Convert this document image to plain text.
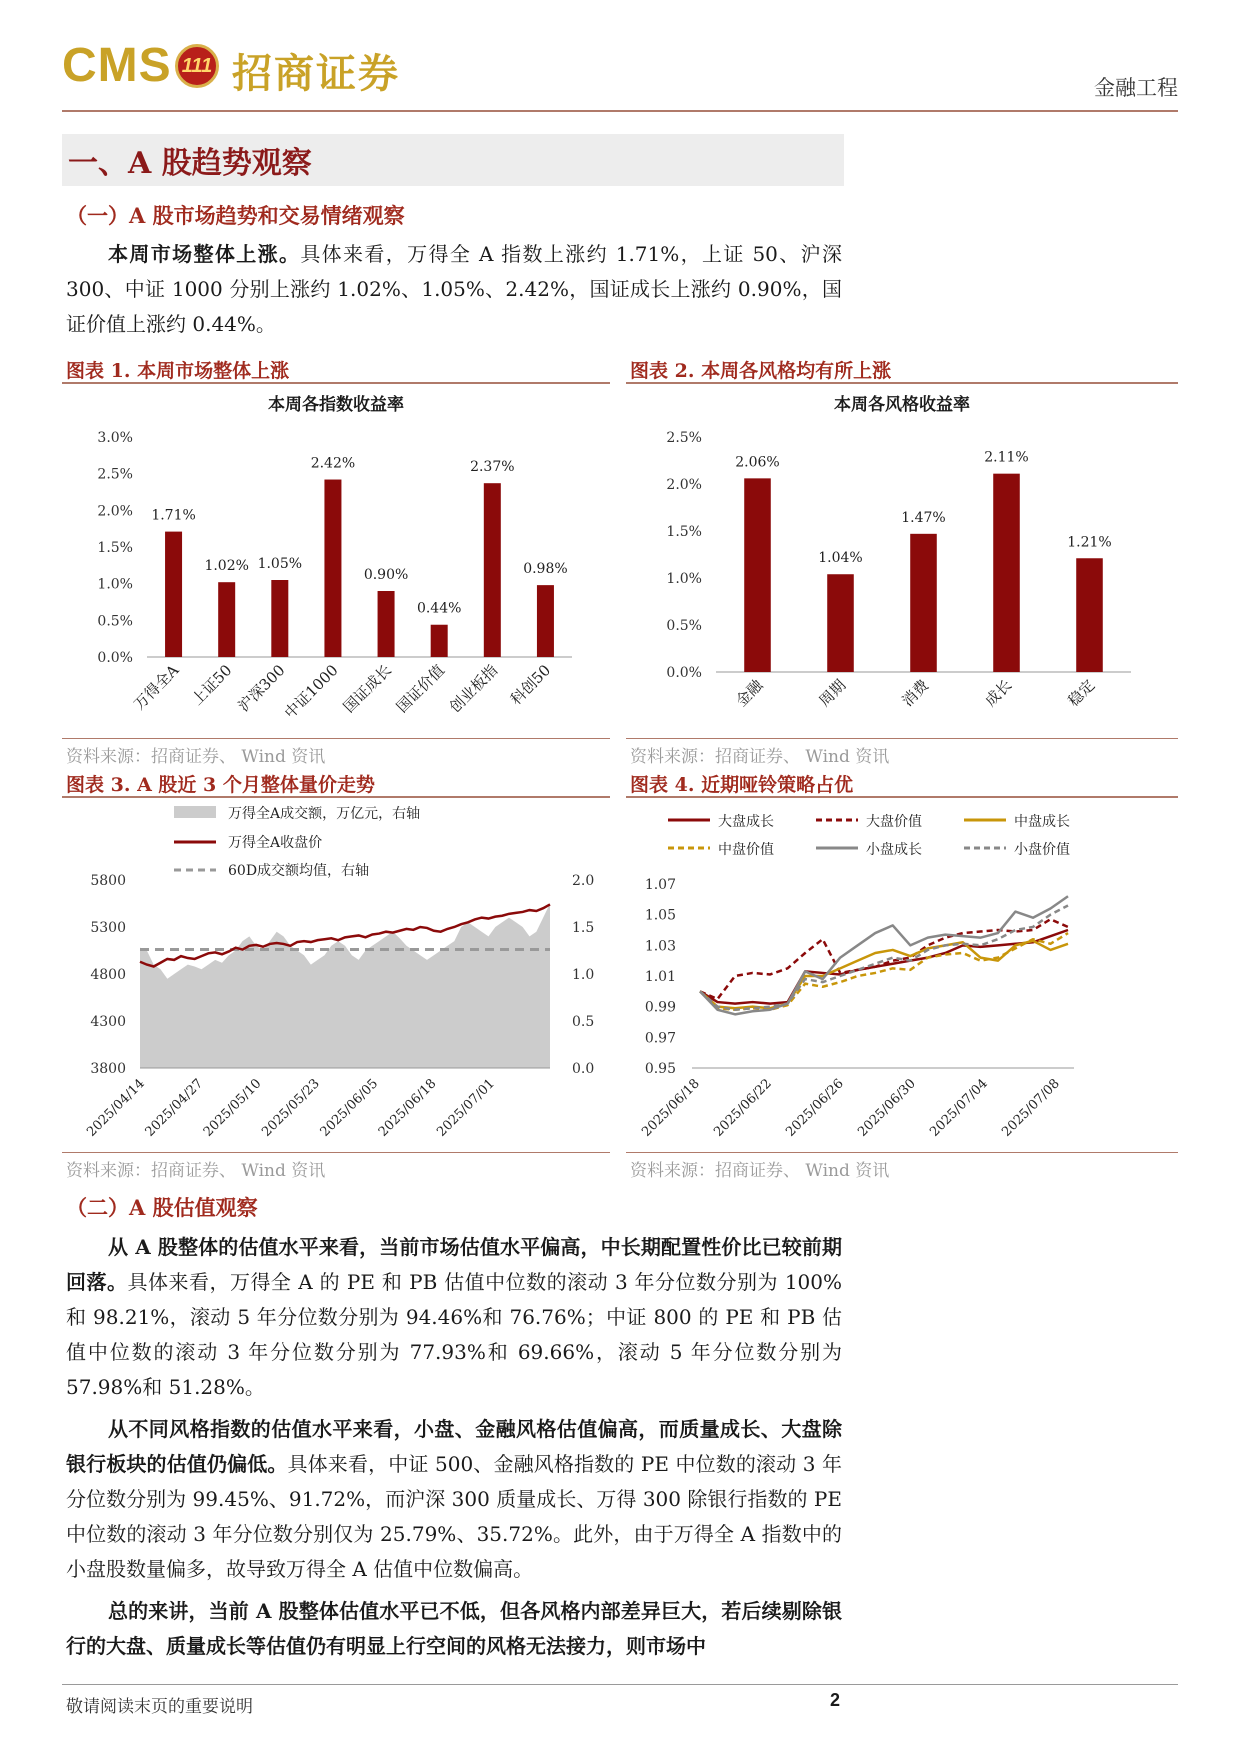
CMS 111 招商证券	金融工程
一、A 股趋势观察
（一）A 股市场趋势和交易情绪观察
本周市场整体上涨。具体来看，万得全 A 指数上涨约 1.71%，上证 50、沪深 300、中证 1000 分别上涨约 1.02%、1.05%、2.42%，国证成长上涨约 0.90%，国证价值上涨约 0.44%。
图表 1. 本周市场整体上涨
本周各指数收益率
0.0%
0.5%
1.0%
1.5%
2.0%
2.5%
3.0%
1.71%
万得全A
1.02%
上证50
1.05%
沪深300
2.42%
中证1000
0.90%
国证成长
0.44%
国证价值
2.37%
创业板指
0.98%
科创50
资料来源：招商证券、 Wind 资讯
图表 2. 本周各风格均有所上涨
本周各风格收益率
0.0%
0.5%
1.0%
1.5%
2.0%
2.5%
2.06%
金融
1.04%
周期
1.47%
消费
2.11%
成长
1.21%
稳定
资料来源：招商证券、 Wind 资讯
图表 3. A 股近 3 个月整体量价走势
万得全A成交额，万亿元，右轴
万得全A收盘价
60D成交额均值，右轴
3800
4300
4800
5300
5800
0.0
0.5
1.0
1.5
2.0
2025/04/14
2025/04/27
2025/05/10
2025/05/23
2025/06/05
2025/06/18
2025/07/01
资料来源：招商证券、 Wind 资讯
图表 4. 近期哑铃策略占优
大盘成长	大盘价值	中盘成长
中盘价值	小盘成长	小盘价值
0.95
0.97
0.99
1.01
1.03
1.05
1.07
2025/06/18 2025/06/22 2025/06/26 2025/06/30 2025/07/04 2025/07/08
资料来源：招商证券、 Wind 资讯
（二）A 股估值观察
从 A 股整体的估值水平来看，当前市场估值水平偏高，中长期配置性价比已较前期回落。具体来看，万得全 A 的 PE 和 PB 估值中位数的滚动 3 年分位数分别为 100%和 98.21%，滚动 5 年分位数分别为 94.46%和 76.76%；中证 800 的 PE 和 PB 估值中位数的滚动 3 年分位数分别为 77.93%和 69.66%，滚动 5 年分位数分别为 57.98%和 51.28%。
从不同风格指数的估值水平来看，小盘、金融风格估值偏高，而质量成长、大盘除银行板块的估值仍偏低。具体来看，中证 500、金融风格指数的 PE 中位数的滚动 3 年分位数分别为 99.45%、91.72%，而沪深 300 质量成长、万得 300 除银行指数的 PE 中位数的滚动 3 年分位数分别仅为 25.79%、35.72%。此外，由于万得全 A 指数中的小盘股数量偏多，故导致万得全 A 估值中位数偏高。
总的来讲，当前 A 股整体估值水平已不低，但各风格内部差异巨大，若后续剔除银行的大盘、质量成长等估值仍有明显上行空间的风格无法接力，则市场中
敬请阅读末页的重要说明	2
